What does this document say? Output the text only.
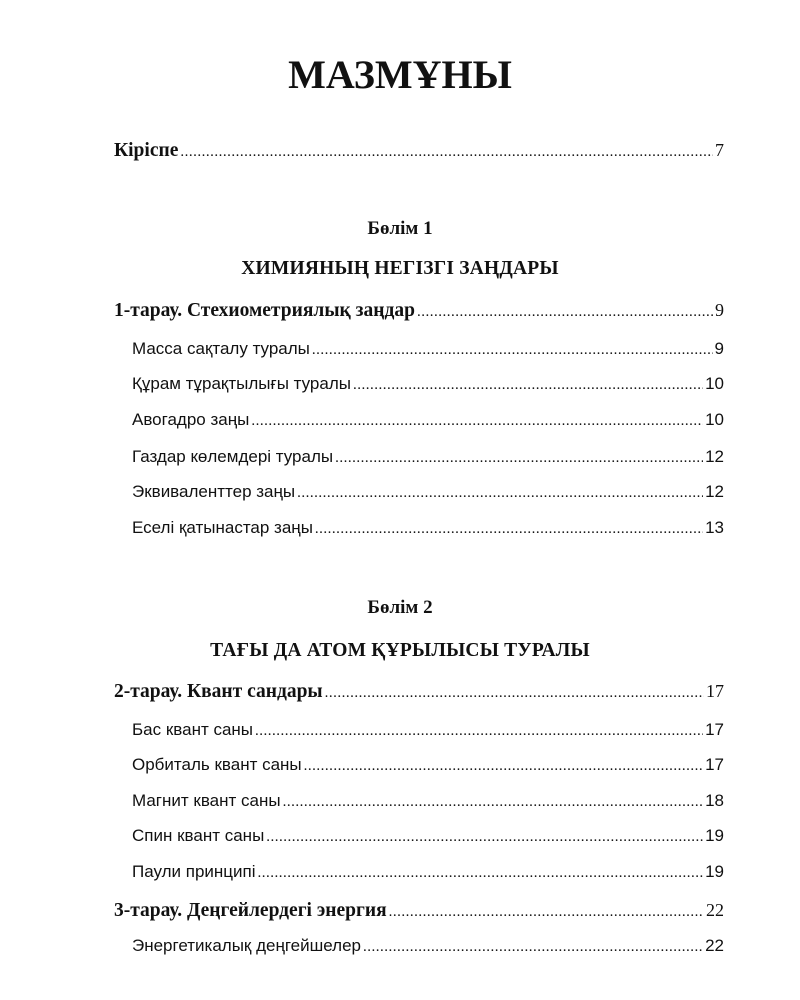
МАЗМҰНЫ
Кіріспе .....	7
Бөлім 1
ХИМИЯНЫҢ НЕГІЗГІ ЗАҢДАРЫ
1-тарау. Стехиометриялық заңдар .....	9
Масса сақталу туралы .....	9
Құрам тұрақтылығы туралы .....	10
Авогадро заңы .....	10
Газдар көлемдері туралы .....	12
Эквиваленттер заңы .....	12
Еселі қатынастар заңы .....	13
Бөлім 2
ТАҒЫ ДА АТОМ ҚҰРЫЛЫСЫ ТУРАЛЫ
2-тарау. Квант сандары .....	17
Бас квант саны .....	17
Орбиталь квант саны .....	17
Магнит квант саны .....	18
Спин квант саны .....	19
Паули принципі .....	19
3-тарау. Деңгейлердегі энергия .....	22
Энергетикалық деңгейшелер .....	22
